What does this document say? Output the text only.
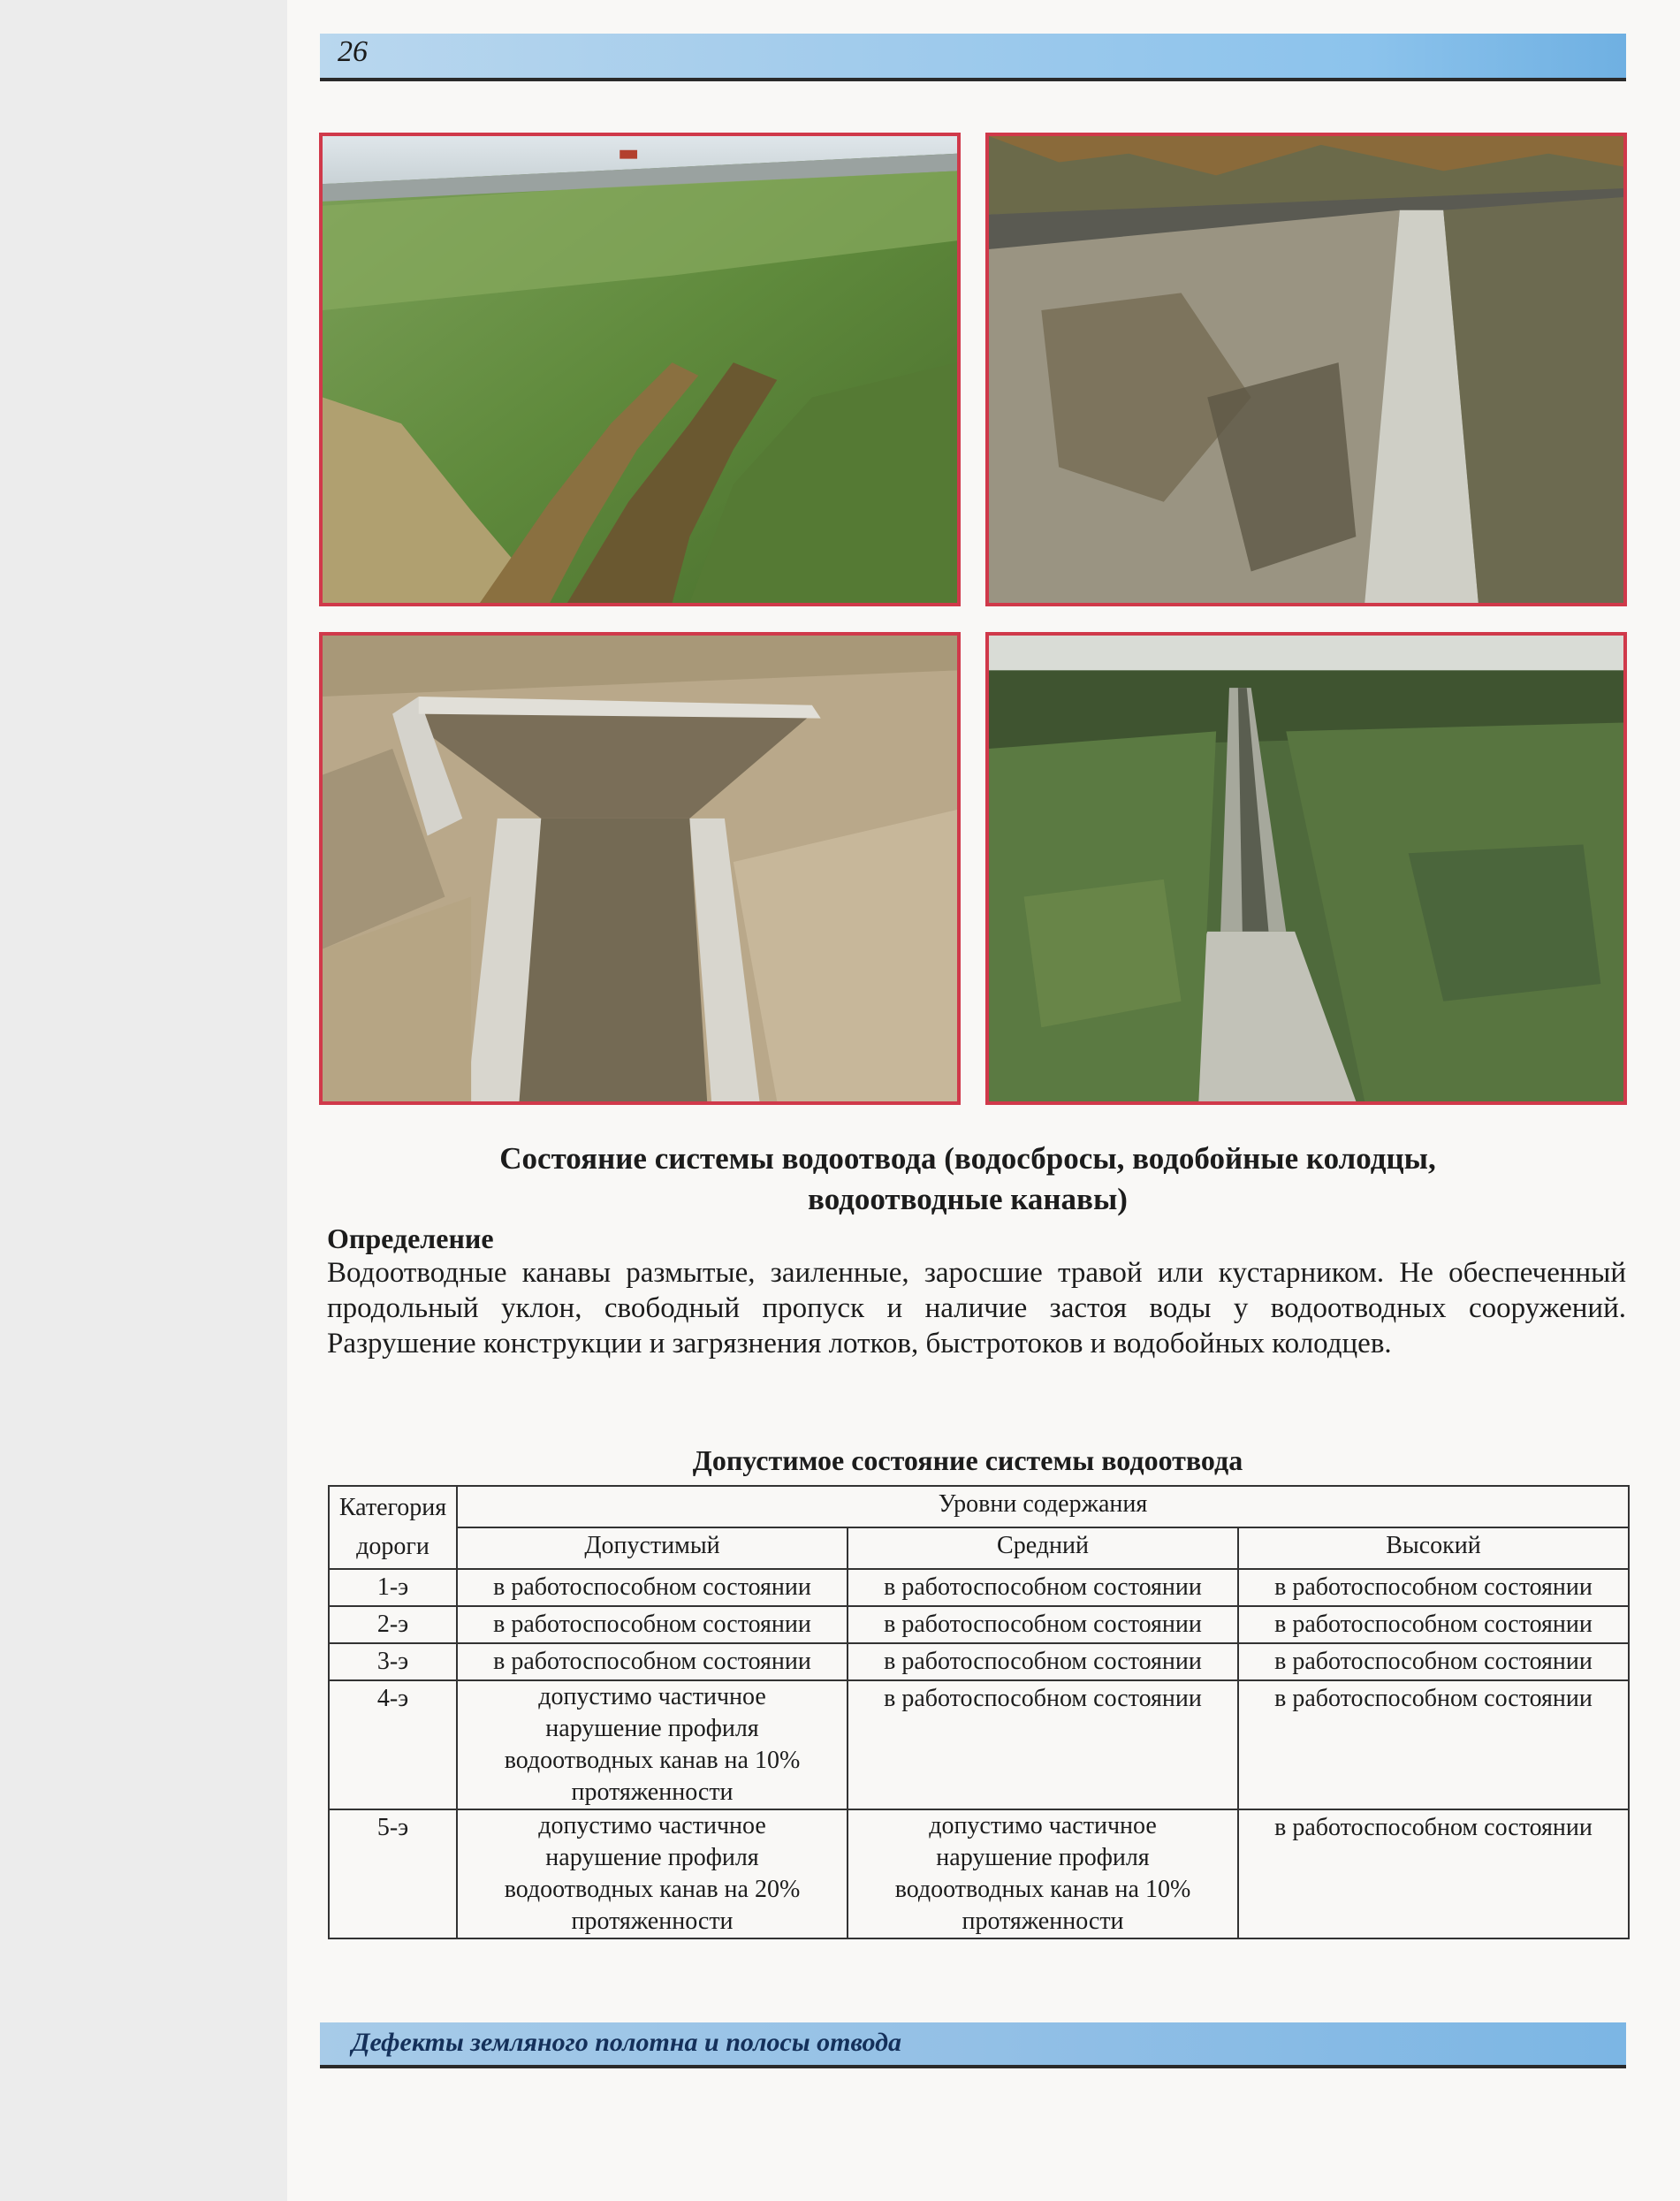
26
Состояние системы водоотвода (водосбросы, водобойные колодцы,
водоотводные канавы)
Определение
Водоотводные канавы размытые, заиленные, заросшие травой или кустарником. Не обеспеченный продольный уклон, свободный пропуск и наличие застоя воды у водоотводных сооружений. Разрушение конструкции и загрязнения лотков, быстротоков и водобойных колодцев.
Допустимое состояние системы водоотвода
Категория
дороги	Уровни содержания		
	Допустимый	Средний	Высокий
1-э	в работоспособном состоянии	в работоспособном состоянии	в работоспособном состоянии
2-э	в работоспособном состоянии	в работоспособном состоянии	в работоспособном состоянии
3-э	в работоспособном состоянии	в работоспособном состоянии	в работоспособном состоянии
4-э	допустимо частичное нарушение профиля водоотводных канав на 10% протяженности	в работоспособном состоянии	в работоспособном состоянии
5-э	допустимо частичное нарушение профиля водоотводных канав на 20% протяженности	допустимо частичное нарушение профиля водоотводных канав на 10% протяженности	в работоспособном состоянии
Дефекты земляного полотна и полосы отвода
